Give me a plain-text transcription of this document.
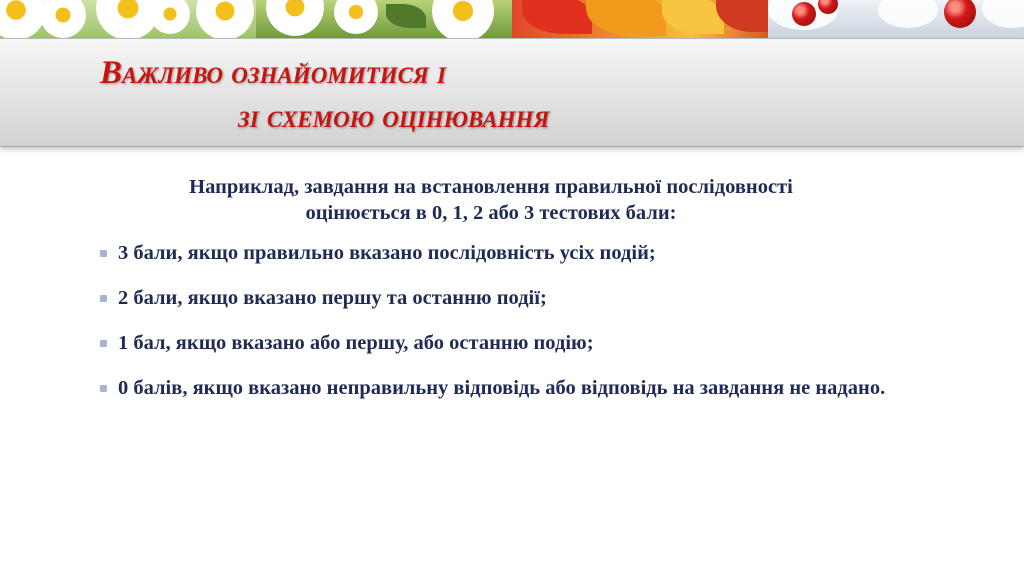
Важливо ознайомитися і
зі схемою оцінювання

Наприклад, завдання на встановлення правильної послідовності
оцінюється в 0, 1, 2 або 3 тестових бали:

3 бали, якщо правильно вказано послідовність усіх подій;
2 бали, якщо вказано першу та останню події;
1 бал, якщо вказано або першу, або останню подію;
0 балів, якщо вказано неправильну відповідь або відповідь на завдання не надано.
